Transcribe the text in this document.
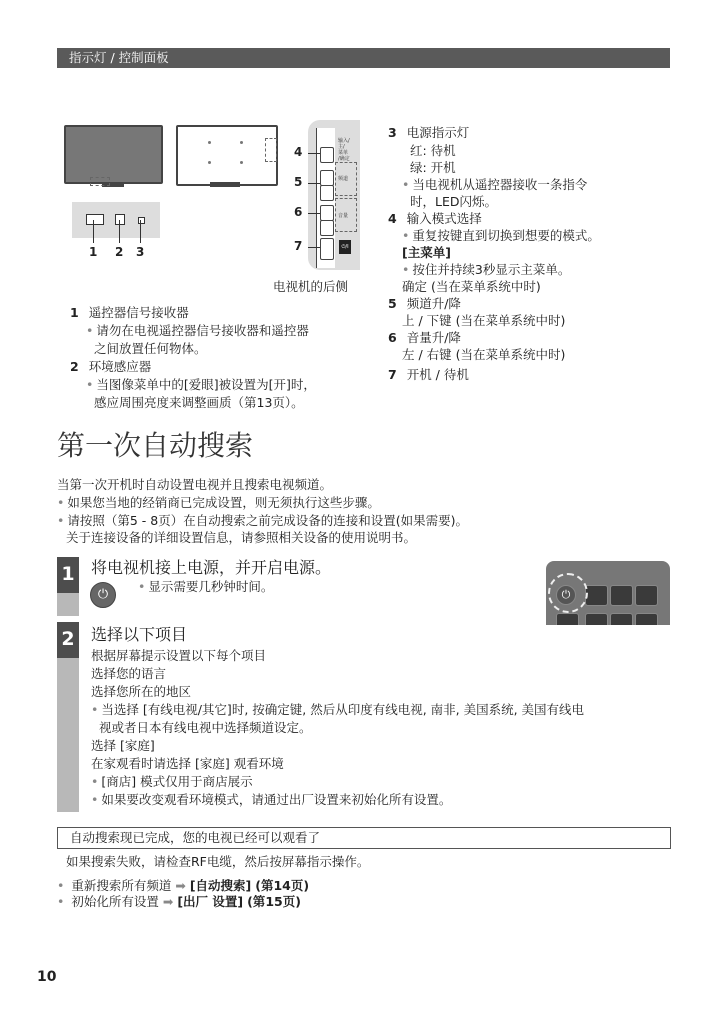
指示灯 / 控制面板
1 2 3
输入/
主/
菜单
/确定
频道
音量
⏻/I
4
5
6
7
电视机的后侧
1 遥控器信号接收器
• 请勿在电视遥控器信号接收器和遥控器
之间放置任何物体。
2 环境感应器
• 当图像菜单中的[爱眼]被设置为[开]时，
感应周围亮度来调整画质（第13页）。
3 电源指示灯
红: 待机
绿: 开机
• 当电视机从遥控器接收一条指令
时，LED闪烁。
4 输入模式选择
• 重复按键直到切换到想要的模式。
[主菜单]
• 按住并持续3秒显示主菜单。
确定 (当在菜单系统中时)
5 频道升/降
上 / 下键 (当在菜单系统中时)
6 音量升/降
左 / 右键 (当在菜单系统中时)
7 开机 / 待机
第一次自动搜索
当第一次开机时自动设置电视并且搜索电视频道。
• 如果您当地的经销商已完成设置，则无须执行这些步骤。
• 请按照（第5 - 8页）在自动搜索之前完成设备的连接和设置(如果需要)。
关于连接设备的详细设置信息，请参照相关设备的使用说明书。
1 将电视机接上电源，并开启电源。
⏻
• 显示需要几秒钟时间。
⏻
2 选择以下项目
根据屏幕提示设置以下每个项目
选择您的语言
选择您所在的地区
• 当选择 [有线电视/其它]时, 按确定键, 然后从印度有线电视, 南非, 美国系统, 美国有线电
视或者日本有线电视中选择频道设定。
选择 [家庭]
在家观看时请选择 [家庭] 观看环境
• [商店] 模式仅用于商店展示
• 如果要改变观看环境模式，请通过出厂设置来初始化所有设置。
自动搜索现已完成，您的电视已经可以观看了
如果搜索失败，请检查RF电缆，然后按屏幕指示操作。
• 重新搜索所有频道 ➡ [自动搜索] (第14页)
• 初始化所有设置 ➡ [出厂 设置] (第15页)
10
